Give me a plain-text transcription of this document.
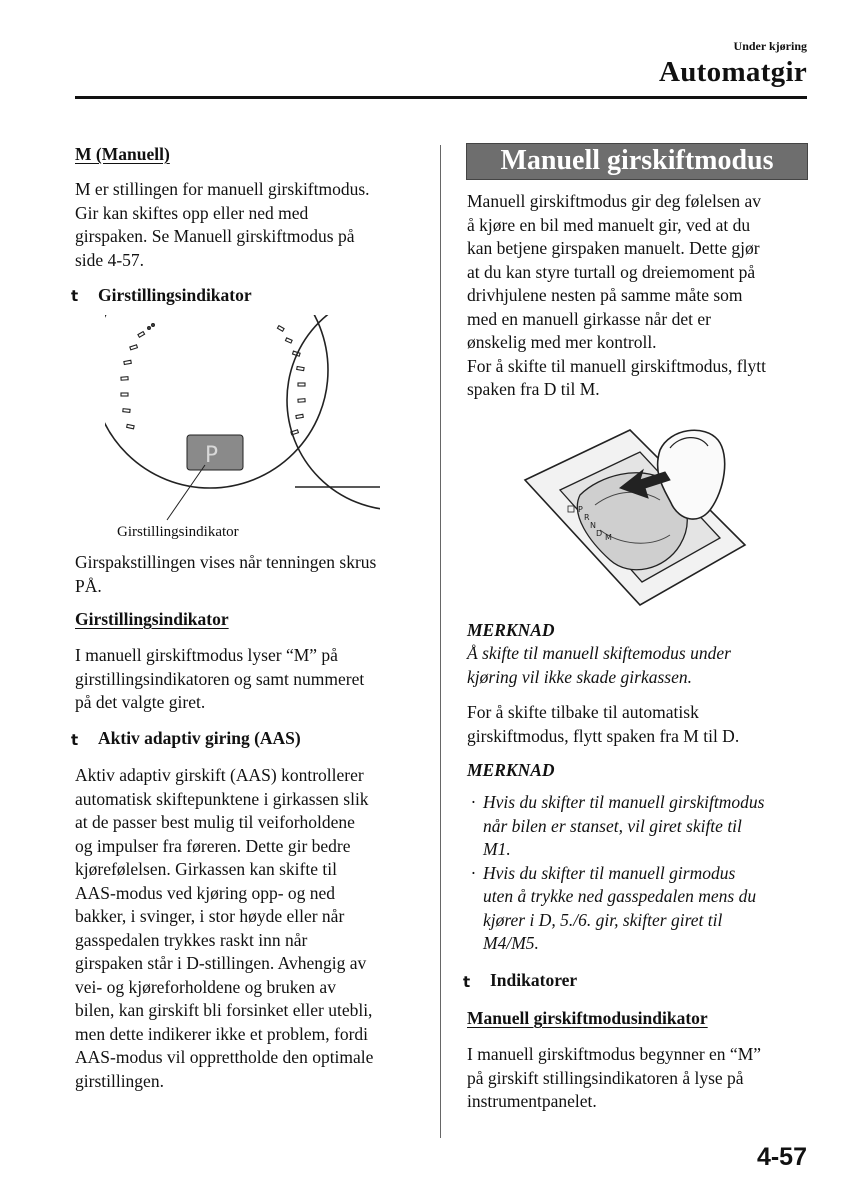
Under kjøring
Automatgir
M (Manuell)
M er stillingen for manuell girskiftmodus.
Gir kan skiftes opp eller ned med
girspaken. Se Manuell girskiftmodus på
side 4-57.
t Girstillingsindikator
P
Girstillingsindikator
Girspakstillingen vises når tenningen skrus
PÅ.
Girstillingsindikator
I manuell girskiftmodus lyser “M” på
girstillingsindikatoren og samt nummeret
på det valgte giret.
t Aktiv adaptiv giring (AAS)
Aktiv adaptiv girskift (AAS) kontrollerer
automatisk skiftepunktene i girkassen slik
at de passer best mulig til veiforholdene
og impulser fra føreren. Dette gir bedre
kjørefølelsen. Girkassen kan skifte til
AAS-modus ved kjøring opp- og ned
bakker, i svinger, i stor høyde eller når
gasspedalen trykkes raskt inn når
girspaken står i D-stillingen. Avhengig av
vei- og kjøreforholdene og bruken av
bilen, kan girskift bli forsinket eller utebli,
men dette indikerer ikke et problem, fordi
AAS-modus vil opprettholde den optimale
girstillingen.
Manuell girskiftmodus
Manuell girskiftmodus gir deg følelsen av
å kjøre en bil med manuelt gir, ved at du
kan betjene girspaken manuelt. Dette gjør
at du kan styre turtall og dreiemoment på
drivhjulene nesten på samme måte som
med en manuell girkasse når det er
ønskelig med mer kontroll.
For å skifte til manuell girskiftmodus, flytt
spaken fra D til M.
P
R
N
D M
MERKNAD
Å skifte til manuell skiftemodus under
kjøring vil ikke skade girkassen.
For å skifte tilbake til automatisk
girskiftmodus, flytt spaken fra M til D.
MERKNAD
· Hvis du skifter til manuell girskiftmodus
når bilen er stanset, vil giret skifte til
M1.
· Hvis du skifter til manuell girmodus
uten å trykke ned gasspedalen mens du
kjører i D, 5./6. gir, skifter giret til
M4/M5.
t Indikatorer
Manuell girskiftmodusindikator
I manuell girskiftmodus begynner en “M”
på girskift stillingsindikatoren å lyse på
instrumentpanelet.
4-57
